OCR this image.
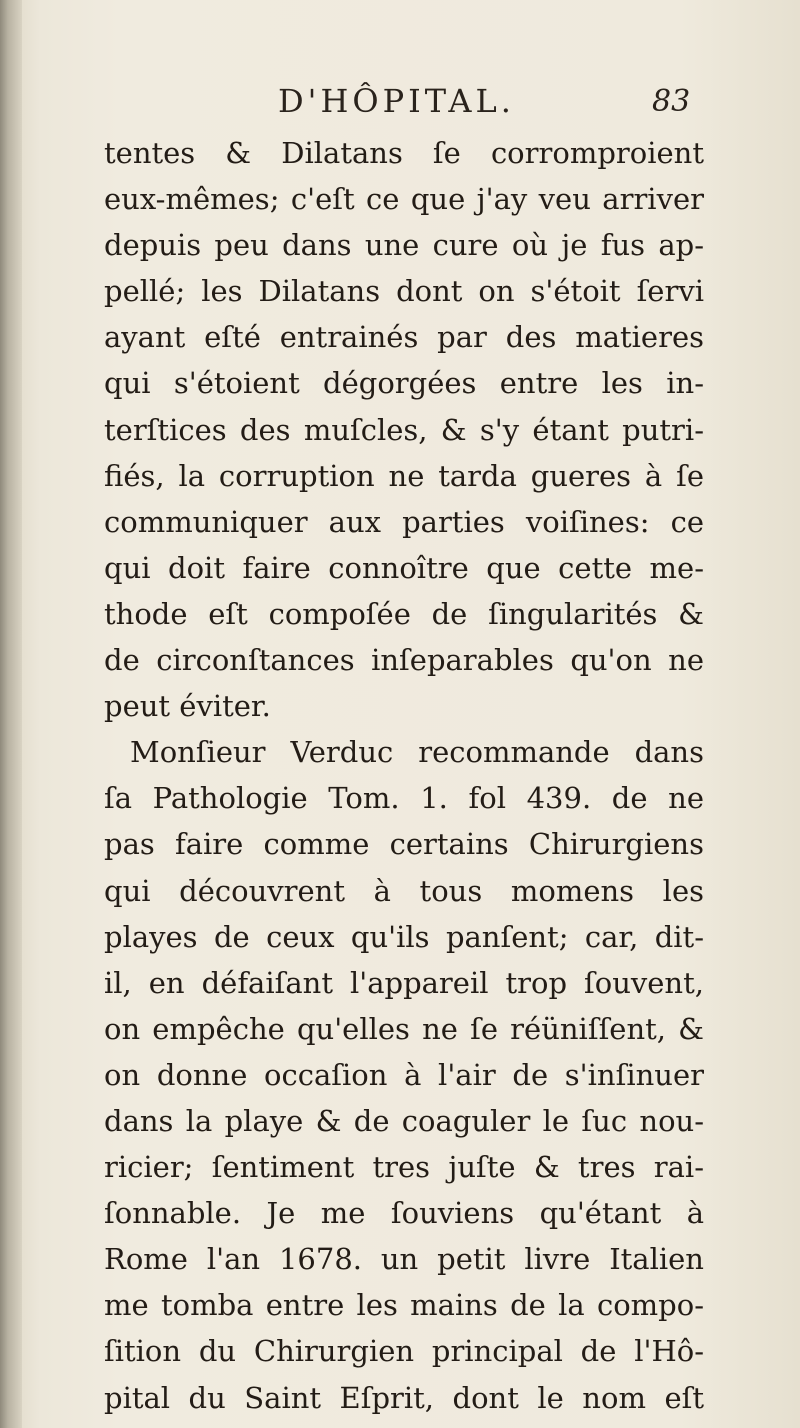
D'HÔPITAL.	83
tentes & Dilatans ſe corromproient
eux-mêmes; c'eſt ce que j'ay veu arriver
depuis peu dans une cure où je fus ap-
pellé; les Dilatans dont on s'étoit ſervi
ayant eſté entrainés par des matieres
qui s'étoient dégorgées entre les in-
terſtices des muſcles, & s'y étant putri-
fiés, la corruption ne tarda gueres à ſe
communiquer aux parties voiſines: ce
qui doit faire connoître que cette me-
thode eſt compoſée de ſingularités &
de circonſtances inſeparables qu'on ne
peut éviter.
Monſieur Verduc recommande dans
ſa Pathologie Tom. 1. fol 439. de ne
pas faire comme certains Chirurgiens
qui découvrent à tous momens les
playes de ceux qu'ils panſent; car, dit-
il, en défaiſant l'appareil trop ſouvent,
on empêche qu'elles ne ſe réüniſſent, &
on donne occaſion à l'air de s'inſinuer
dans la playe & de coaguler le ſuc nou-
ricier; ſentiment tres juſte & tres rai-
ſonnable. Je me ſouviens qu'étant à
Rome l'an 1678. un petit livre Italien
me tomba entre les mains de la compo-
ſition du Chirurgien principal de l'Hô-
pital du Saint Eſprit, dont le nom eſt
